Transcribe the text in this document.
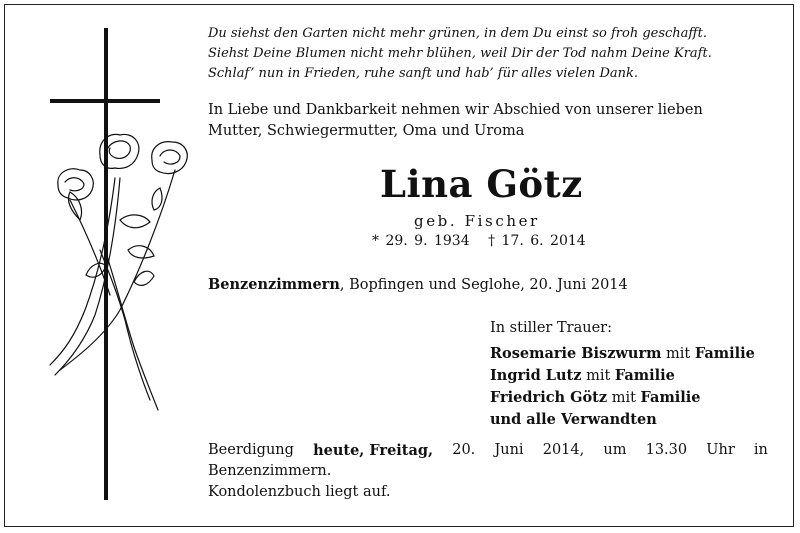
Du siehst den Garten nicht mehr grünen, in dem Du einst so froh geschafft.
Siehst Deine Blumen nicht mehr blühen, weil Dir der Tod nahm Deine Kraft.
Schlaf’ nun in Frieden, ruhe sanft und hab’ für alles vielen Dank.
In Liebe und Dankbarkeit nehmen wir Abschied von unserer lieben
Mutter, Schwiegermutter, Oma und Uroma
Lina Götz
geb. Fischer
* 29. 9. 1934 † 17. 6. 2014
Benzenzimmern, Bopfingen und Seglohe, 20. Juni 2014
In stiller Trauer:
Rosemarie Biszwurm mit Familie
Ingrid Lutz mit Familie
Friedrich Götz mit Familie
und alle Verwandten
Beerdigung heute, Freitag, 20. Juni 2014, um 13.30 Uhr in
Benzenzimmern.
Kondolenzbuch liegt auf.
